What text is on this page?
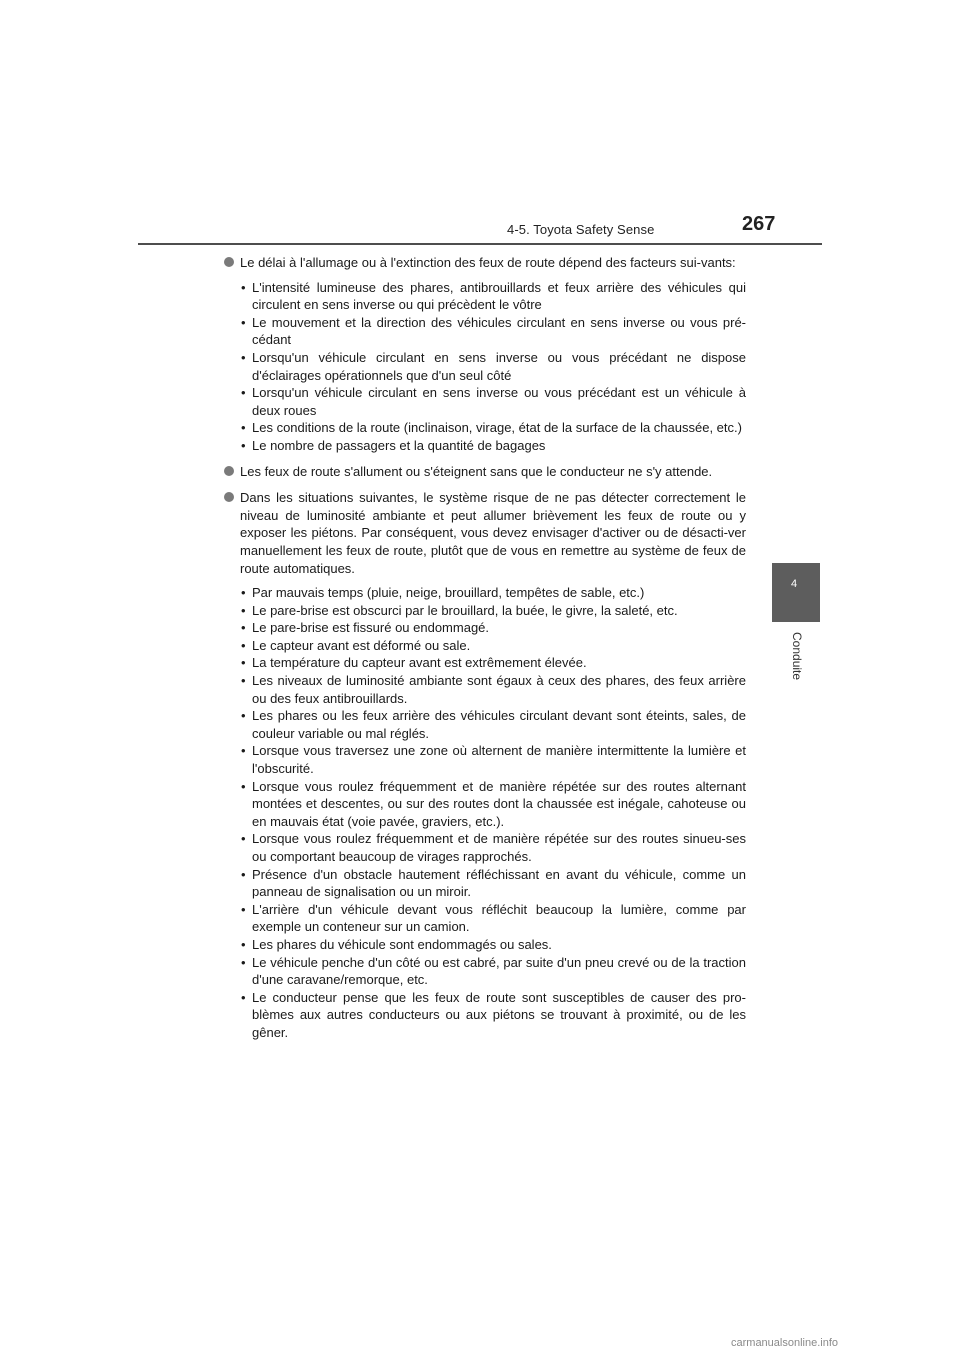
4-5. Toyota Safety Sense	267
4
Conduite
Le délai à l'allumage ou à l'extinction des feux de route dépend des facteurs sui-vants:
• L'intensité lumineuse des phares, antibrouillards et feux arrière des véhicules qui circulent en sens inverse ou qui précèdent le vôtre
• Le mouvement et la direction des véhicules circulant en sens inverse ou vous pré-cédant
• Lorsqu'un véhicule circulant en sens inverse ou vous précédant ne dispose d'éclairages opérationnels que d'un seul côté
• Lorsqu'un véhicule circulant en sens inverse ou vous précédant est un véhicule à deux roues
• Les conditions de la route (inclinaison, virage, état de la surface de la chaussée, etc.)
• Le nombre de passagers et la quantité de bagages
Les feux de route s'allument ou s'éteignent sans que le conducteur ne s'y attende.
Dans les situations suivantes, le système risque de ne pas détecter correctement le niveau de luminosité ambiante et peut allumer brièvement les feux de route ou y exposer les piétons. Par conséquent, vous devez envisager d'activer ou de désacti-ver manuellement les feux de route, plutôt que de vous en remettre au système de feux de route automatiques.
• Par mauvais temps (pluie, neige, brouillard, tempêtes de sable, etc.)
• Le pare-brise est obscurci par le brouillard, la buée, le givre, la saleté, etc.
• Le pare-brise est fissuré ou endommagé.
• Le capteur avant est déformé ou sale.
• La température du capteur avant est extrêmement élevée.
• Les niveaux de luminosité ambiante sont égaux à ceux des phares, des feux arrière ou des feux antibrouillards.
• Les phares ou les feux arrière des véhicules circulant devant sont éteints, sales, de couleur variable ou mal réglés.
• Lorsque vous traversez une zone où alternent de manière intermittente la lumière et l'obscurité.
• Lorsque vous roulez fréquemment et de manière répétée sur des routes alternant montées et descentes, ou sur des routes dont la chaussée est inégale, cahoteuse ou en mauvais état (voie pavée, graviers, etc.).
• Lorsque vous roulez fréquemment et de manière répétée sur des routes sinueu-ses ou comportant beaucoup de virages rapprochés.
• Présence d'un obstacle hautement réfléchissant en avant du véhicule, comme un panneau de signalisation ou un miroir.
• L'arrière d'un véhicule devant vous réfléchit beaucoup la lumière, comme par exemple un conteneur sur un camion.
• Les phares du véhicule sont endommagés ou sales.
• Le véhicule penche d'un côté ou est cabré, par suite d'un pneu crevé ou de la traction d'une caravane/remorque, etc.
• Le conducteur pense que les feux de route sont susceptibles de causer des pro-blèmes aux autres conducteurs ou aux piétons se trouvant à proximité, ou de les gêner.
carmanualsonline.info
